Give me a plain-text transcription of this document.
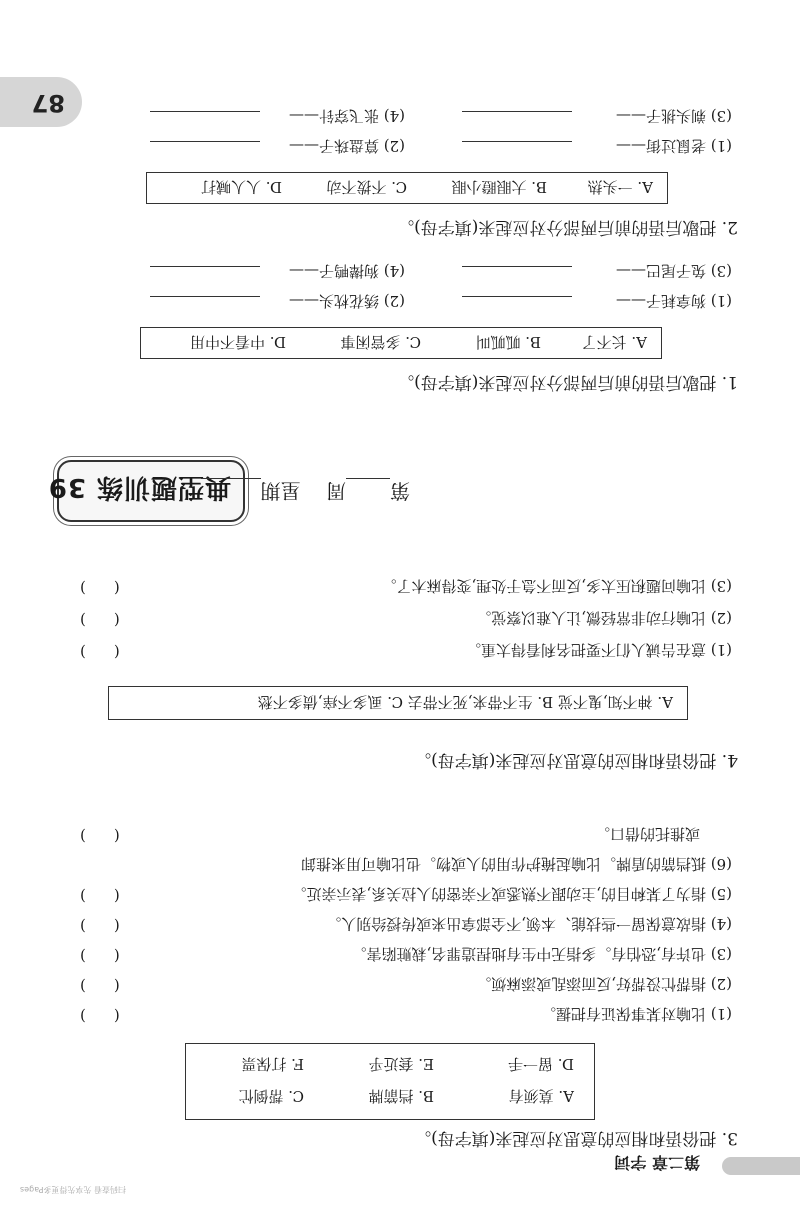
第二章 字词
扫码查看 先享先得更多Pages
3. 把俗语和相应的意思对应起来(填字母)。
A. 莫须有
B. 挡箭牌
C. 帮倒忙
D. 留一手
E. 套近乎
F. 打保票
(1) 比喻对某事保证有把握。
()
(2) 指帮忙没帮好,反而添乱或添麻烦。
()
(3) 也许有,恐怕有。多指无中生有地捏造罪名,栽赃陷害。
()
(4) 指故意保留一些技能、本领,不全部拿出来或传授给别人。
()
(5) 指为了某种目的,主动跟不熟悉或不亲密的人拉关系,表示亲近。
()
(6) 抵挡箭的盾牌。比喻起掩护作用的人或物。也比喻可用来推卸
或推托的借口。
()
4. 把俗语和相应的意思对应起来(填字母)。
A. 神不知,鬼不觉 B. 生不带来,死不带去 C. 虱多不痒,债多不愁
(1) 意在告诫人们不要把名利看得太重。
()
(2) 比喻行动非常轻微,让人难以察觉。
()
(3) 比喻问题积压太多,反而不急于处理,变得麻木了。
()
典型题训练 39	第周    星期
1. 把歇后语的前后两部分对应起来(填字母)。
A. 长不了
B. 呱呱叫
C. 多管闲事
D. 中看不中用
(1) 狗拿耗子——
(2) 绣花枕头——
(3) 兔子尾巴——
(4) 狗撵鸭子——
2. 把歇后语的前后两部分对应起来(填字母)。
A. 一头热
B. 大眼瞪小眼
C. 不拨不动
D. 人人喊打
(1) 老鼠过街——
(2) 算盘珠子——
(3) 剃头挑子——
(4) 张飞穿针——
87
